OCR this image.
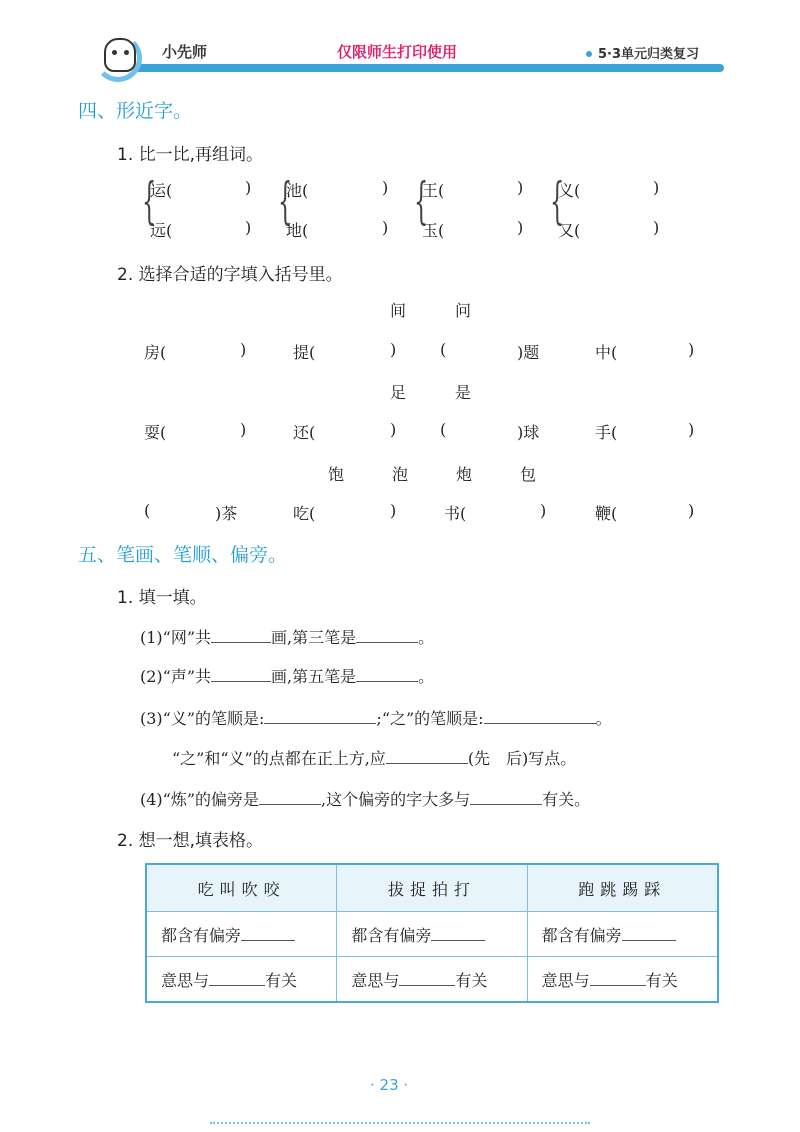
小先师	仅限师生打印使用	5·3单元归类复习
四、形近字。
1. 比一比,再组词。
{
运(	)
远(	) {
池(	)
地(	) {
王(	)
玉(	) {
义(	)
又(	)
2. 选择合适的字填入括号里。
间	问
房(	)	提(	)	(	)题	中(	)
足	是
耍(	)	还(	)	(	)球	手(	)
饱	泡	炮	包
(	)茶	吃(	)	书(	)	鞭(	)
五、笔画、笔顺、偏旁。
1. 填一填。
(1)“网”共	画,第三笔是	。
(2)“声”共	画,第五笔是	。
(3)“义”的笔顺是:	;“之”的笔顺是:	。
“之”和“义”的点都在正上方,应	(先　后)写点。
(4)“炼”的偏旁是	,这个偏旁的字大多与	有关。
2. 想一想,填表格。
吃叫吹咬	拔捉拍打	跑跳踢踩
都含有偏旁	都含有偏旁	都含有偏旁
意思与 有关	意思与 有关	意思与 有关
· 23 ·
